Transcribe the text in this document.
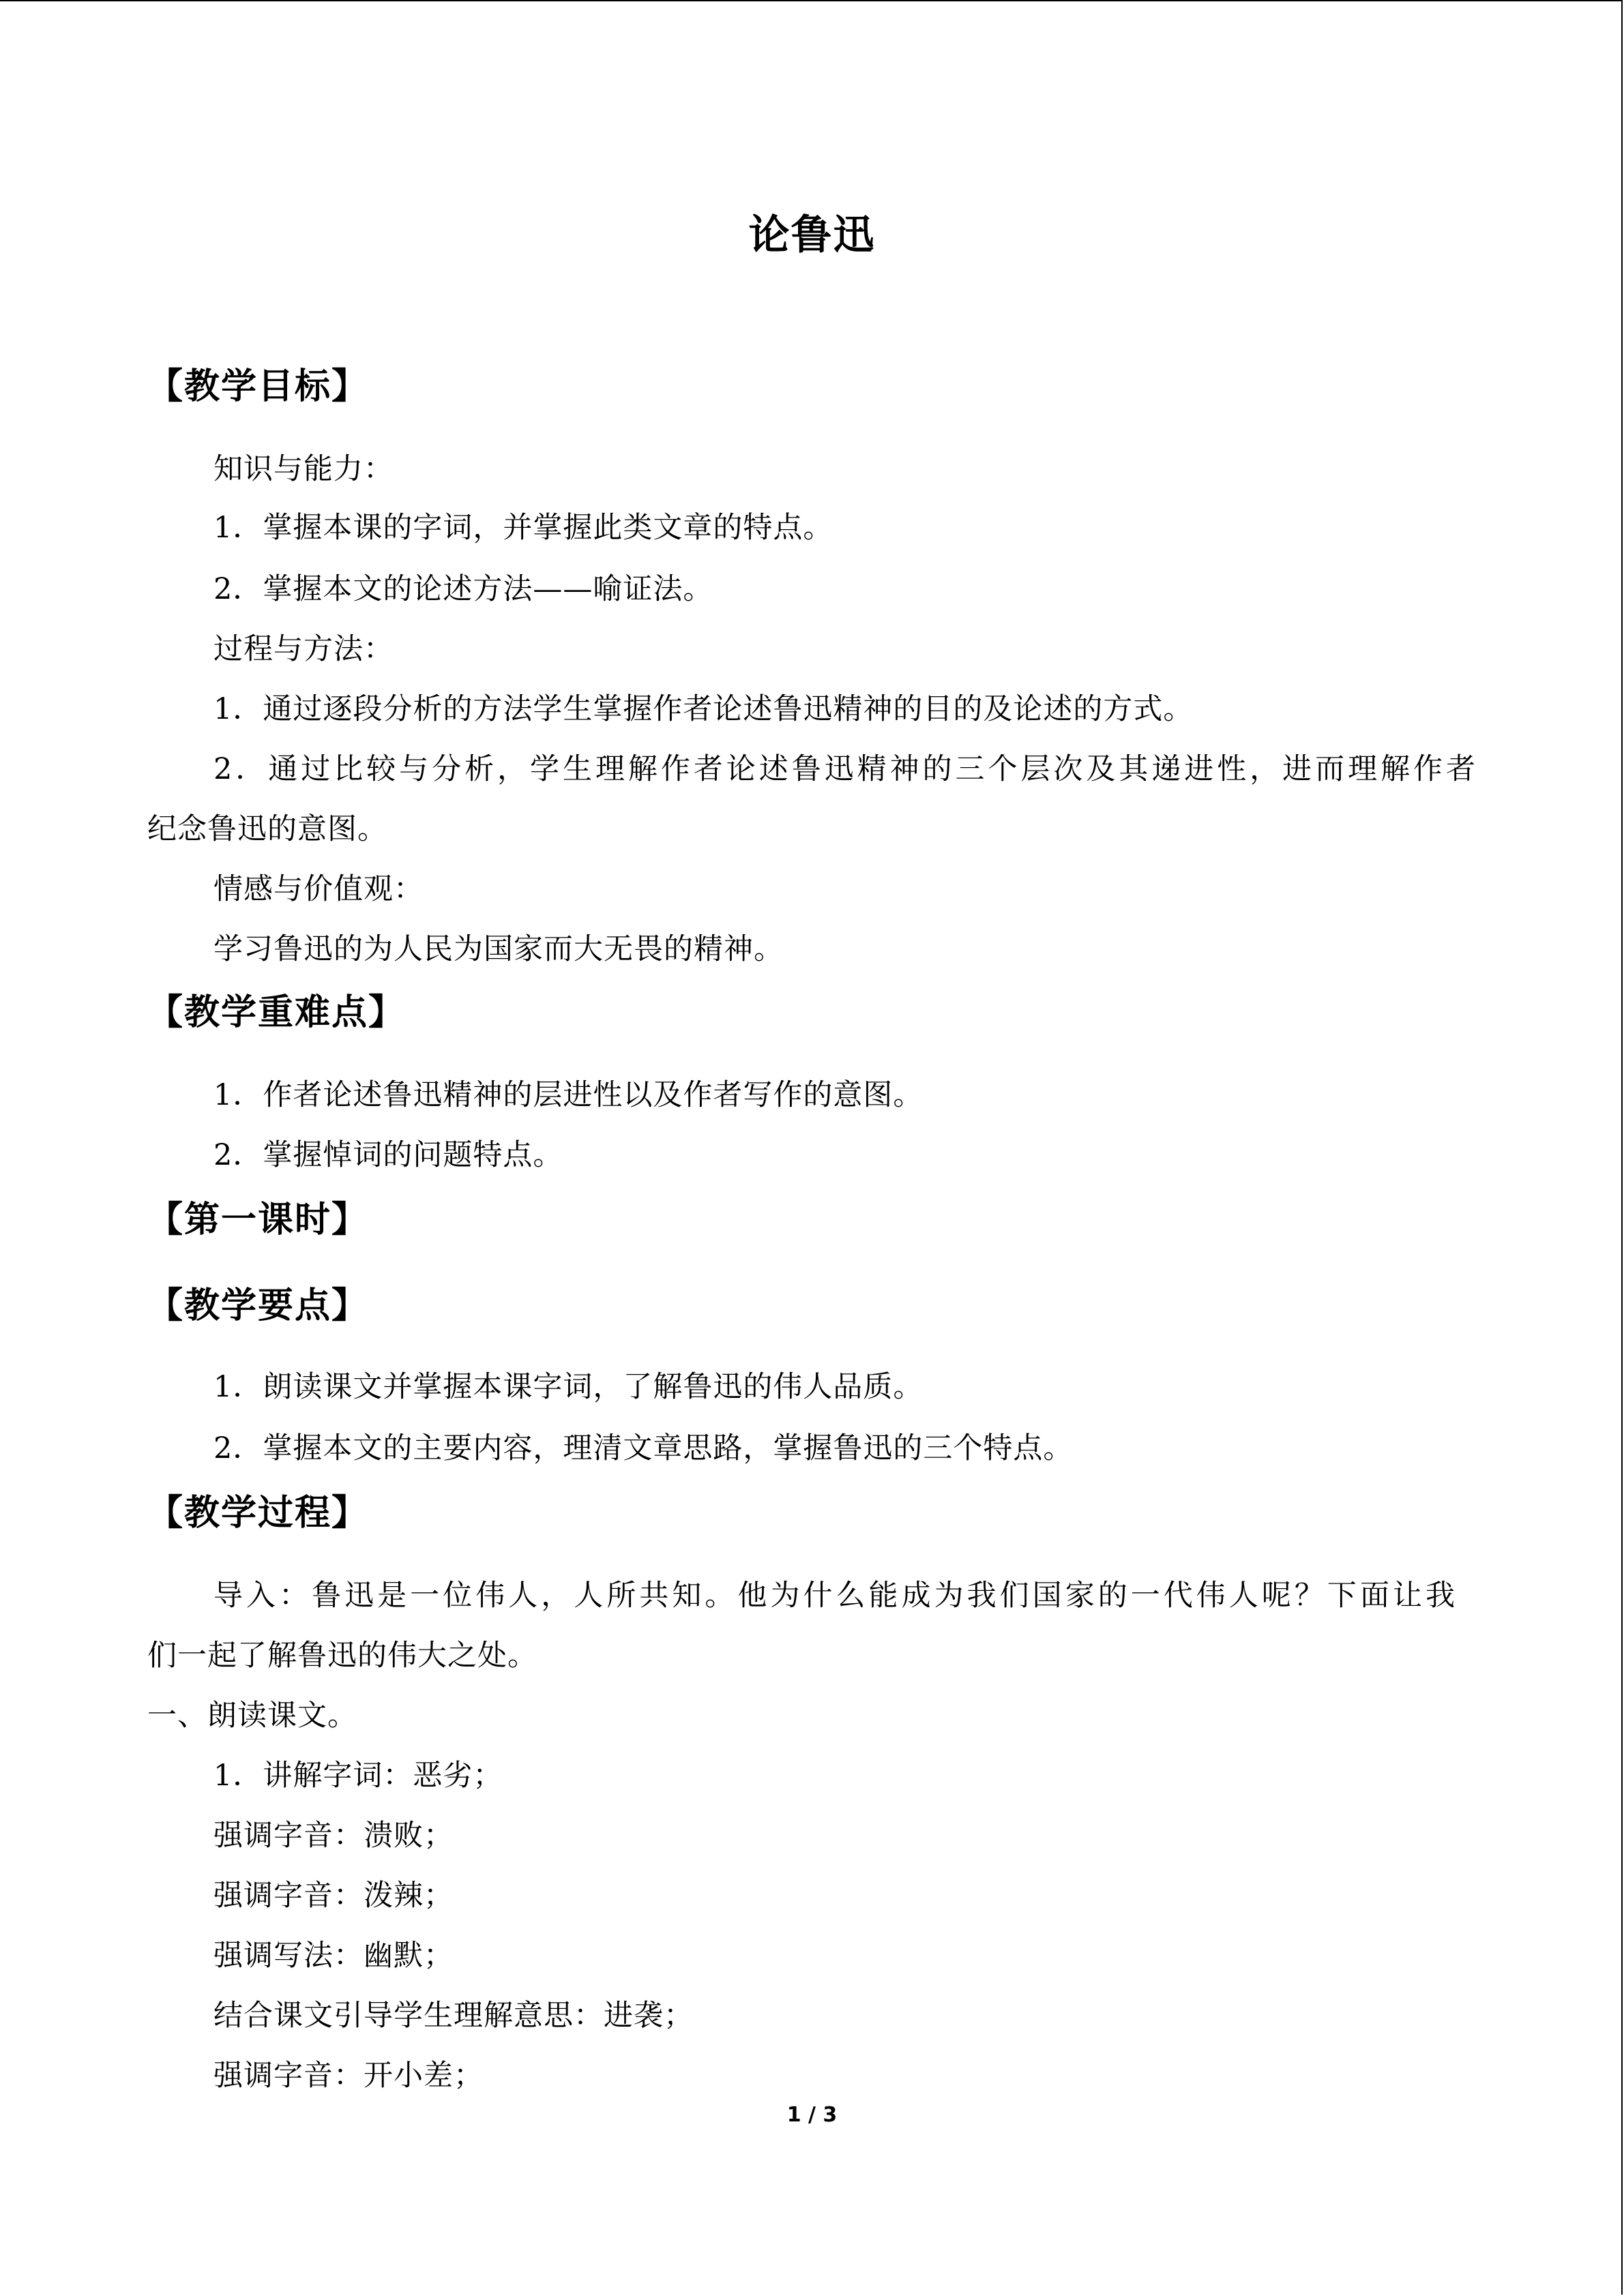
论鲁迅
【教学目标】
知识与能力：
1．掌握本课的字词，并掌握此类文章的特点。
2．掌握本文的论述方法——喻证法。
过程与方法：
1．通过逐段分析的方法学生掌握作者论述鲁迅精神的目的及论述的方式。
2．通过比较与分析，学生理解作者论述鲁迅精神的三个层次及其递进性，进而理解作者
纪念鲁迅的意图。
情感与价值观：
学习鲁迅的为人民为国家而大无畏的精神。
【教学重难点】
1．作者论述鲁迅精神的层进性以及作者写作的意图。
2．掌握悼词的问题特点。
【第一课时】
【教学要点】
1．朗读课文并掌握本课字词，了解鲁迅的伟人品质。
2．掌握本文的主要内容，理清文章思路，掌握鲁迅的三个特点。
【教学过程】
导入：鲁迅是一位伟人，人所共知。他为什么能成为我们国家的一代伟人呢？下面让我
们一起了解鲁迅的伟大之处。
一、朗读课文。
1．讲解字词：恶劣；
强调字音：溃败；
强调字音：泼辣；
强调写法：幽默；
结合课文引导学生理解意思：进袭；
强调字音：开小差；
1 / 3
